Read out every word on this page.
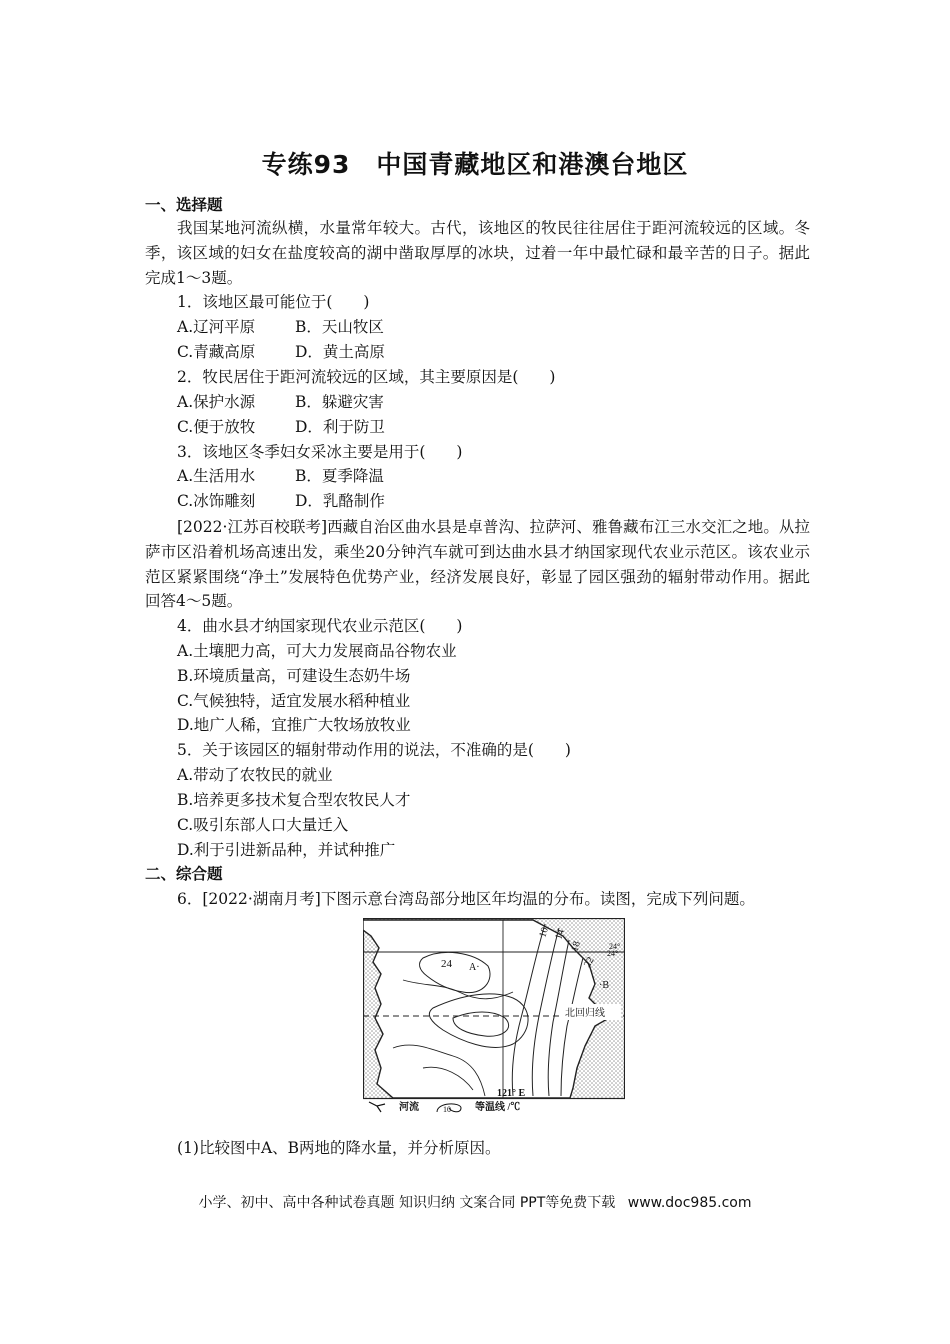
专练93　中国青藏地区和港澳台地区
一、选择题
我国某地河流纵横，水量常年较大。古代，该地区的牧民往往居住于距河流较远的区域。冬季，该区域的妇女在盐度较高的湖中凿取厚厚的冰块，过着一年中最忙碌和最辛苦的日子。据此完成1～3题。
1．该地区最可能位于(　　)
A.辽河平原	B．天山牧区
C.青藏高原	D．黄土高原
2．牧民居住于距河流较远的区域，其主要原因是(　　)
A.保护水源	B．躲避灾害
C.便于放牧	D．利于防卫
3．该地区冬季妇女采冰主要是用于(　　)
A.生活用水	B．夏季降温
C.冰饰雕刻	D．乳酪制作
[2022·江苏百校联考]西藏自治区曲水县是卓普沟、拉萨河、雅鲁藏布江三水交汇之地。从拉萨市区沿着机场高速出发，乘坐20分钟汽车就可到达曲水县才纳国家现代农业示范区。该农业示范区紧紧围绕“净土”发展特色优势产业，经济发展良好，彰显了园区强劲的辐射带动作用。据此回答4～5题。
4．曲水县才纳国家现代农业示范区(　　)
A.土壤肥力高，可大力发展商品谷物农业
B.环境质量高，可建设生态奶牛场
C.气候独特，适宜发展水稻种植业
D.地广人稀，宜推广大牧场放牧业
5．关于该园区的辐射带动作用的说法，不准确的是(　　)
A.带动了农牧民的就业
B.培养更多技术复合型农牧民人才
C.吸引东部人口大量迁入
D.利于引进新品种，并试种推广
二、综合题
6．[2022·湖南月考]下图示意台湾岛部分地区年均温的分布。读图，完成下列问题。
10 14
18
22
24 A·
·B
24°
24°
北回归线
121° E
河流	10 等温线 /℃
(1)比较图中A、B两地的降水量，并分析原因。
小学、初中、高中各种试卷真题 知识归纳 文案合同 PPT等免费下载 www.doc985.com
